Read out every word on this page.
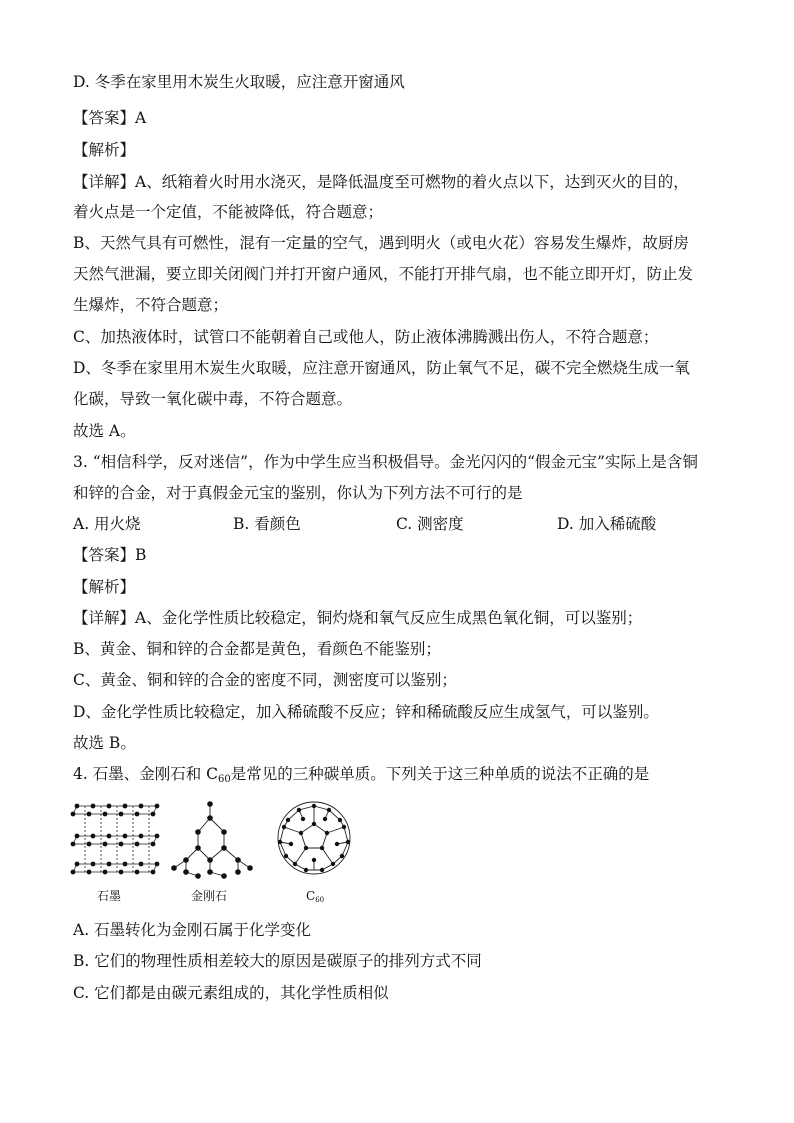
D. 冬季在家里用木炭生火取暖，应注意开窗通风
【答案】A
【解析】
【详解】A、纸箱着火时用水浇灭，是降低温度至可燃物的着火点以下，达到灭火的目的，
着火点是一个定值，不能被降低，符合题意；
B、天然气具有可燃性，混有一定量的空气，遇到明火（或电火花）容易发生爆炸，故厨房
天然气泄漏，要立即关闭阀门并打开窗户通风，不能打开排气扇，也不能立即开灯，防止发
生爆炸，不符合题意；
C、加热液体时，试管口不能朝着自己或他人，防止液体沸腾溅出伤人，不符合题意；
D、冬季在家里用木炭生火取暖，应注意开窗通风，防止氧气不足，碳不完全燃烧生成一氧
化碳，导致一氧化碳中毒，不符合题意。
故选 A。
3. “相信科学，反对迷信”，作为中学生应当积极倡导。金光闪闪的“假金元宝”实际上是含铜
和锌的合金，对于真假金元宝的鉴别，你认为下列方法不可行的是
A. 用火烧	B. 看颜色	C. 测密度	D. 加入稀硫酸
【答案】B
【解析】
【详解】A、金化学性质比较稳定，铜灼烧和氧气反应生成黑色氧化铜，可以鉴别；
B、黄金、铜和锌的合金都是黄色，看颜色不能鉴别；
C、黄金、铜和锌的合金的密度不同，测密度可以鉴别；
D、金化学性质比较稳定，加入稀硫酸不反应；锌和稀硫酸反应生成氢气，可以鉴别。
故选 B。
4. 石墨、金刚石和 $C_{60}$是常见的三种碳单质。下列关于这三种单质的说法不正确的是
石墨	金刚石	$C_{60}$
A. 石墨转化为金刚石属于化学变化
B. 它们的物理性质相差较大的原因是碳原子的排列方式不同
C. 它们都是由碳元素组成的，其化学性质相似
